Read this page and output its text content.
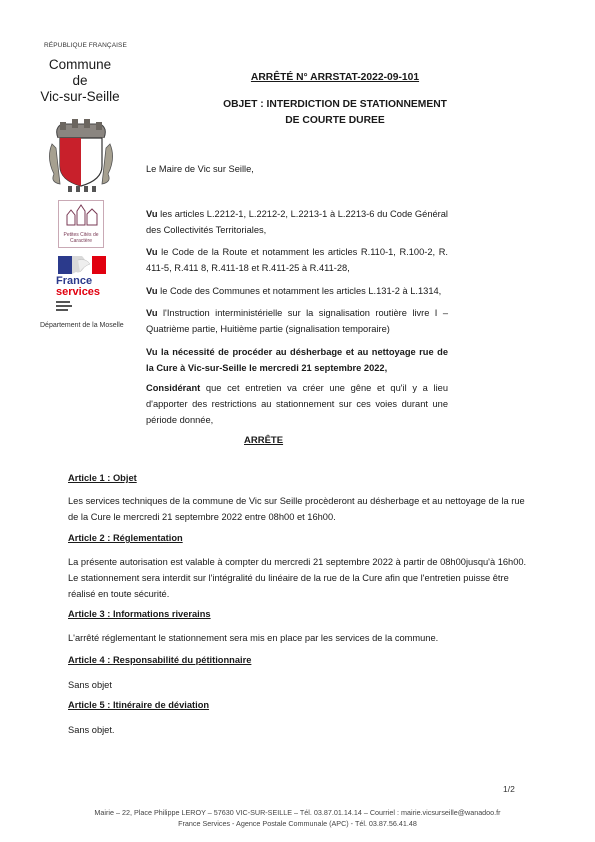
RÉPUBLIQUE FRANÇAISE
Commune
de
Vic-sur-Seille
Petites Cités de Caractère
France
services
Département de la Moselle
ARRÊTÉ N° ARRSTAT-2022-09-101
OBJET : INTERDICTION DE STATIONNEMENT
DE COURTE DUREE
Le Maire de Vic sur Seille,
Vu les articles L.2212-1, L.2212-2, L.2213-1 à L.2213-6 du Code Général des Collectivités Territoriales,
Vu le Code de la Route et notamment les articles R.110-1, R.100-2, R. 411-5, R.411 8, R.411-18 et R.411-25 à R.411-28,
Vu le Code des Communes et notamment les articles L.131-2 à L.1314,
Vu l'Instruction interministérielle sur la signalisation routière livre I – Quatrième partie, Huitième partie (signalisation temporaire)
Vu la nécessité de procéder au désherbage et au nettoyage rue de la Cure à Vic-sur-Seille le mercredi 21 septembre 2022,
Considérant que cet entretien va créer une gêne et qu'il y a lieu d'apporter des restrictions au stationnement sur ces voies durant une période donnée,
ARRÊTE
Article 1 : Objet
Les services techniques de la commune de Vic sur Seille procèderont au désherbage et au nettoyage de la rue de la Cure le mercredi 21 septembre 2022 entre 08h00 et 16h00.
Article 2 : Réglementation
La présente autorisation est valable à compter du mercredi 21 septembre 2022 à partir de 08h00jusqu'à 16h00. Le stationnement sera interdit sur l'intégralité du linéaire de la rue de la Cure afin que l'entretien puisse être réalisé en toute sécurité.
Article 3 : Informations riverains
L'arrêté réglementant le stationnement sera mis en place par les services de la commune.
Article 4 : Responsabilité du pétitionnaire
Sans objet
Article 5 : Itinéraire de déviation
Sans objet.
1/2
Mairie – 22, Place Philippe LEROY – 57630 VIC-SUR-SEILLE – Tél. 03.87.01.14.14 – Courriel : mairie.vicsurseille@wanadoo.fr
France Services - Agence Postale Communale (APC) - Tél. 03.87.56.41.48
